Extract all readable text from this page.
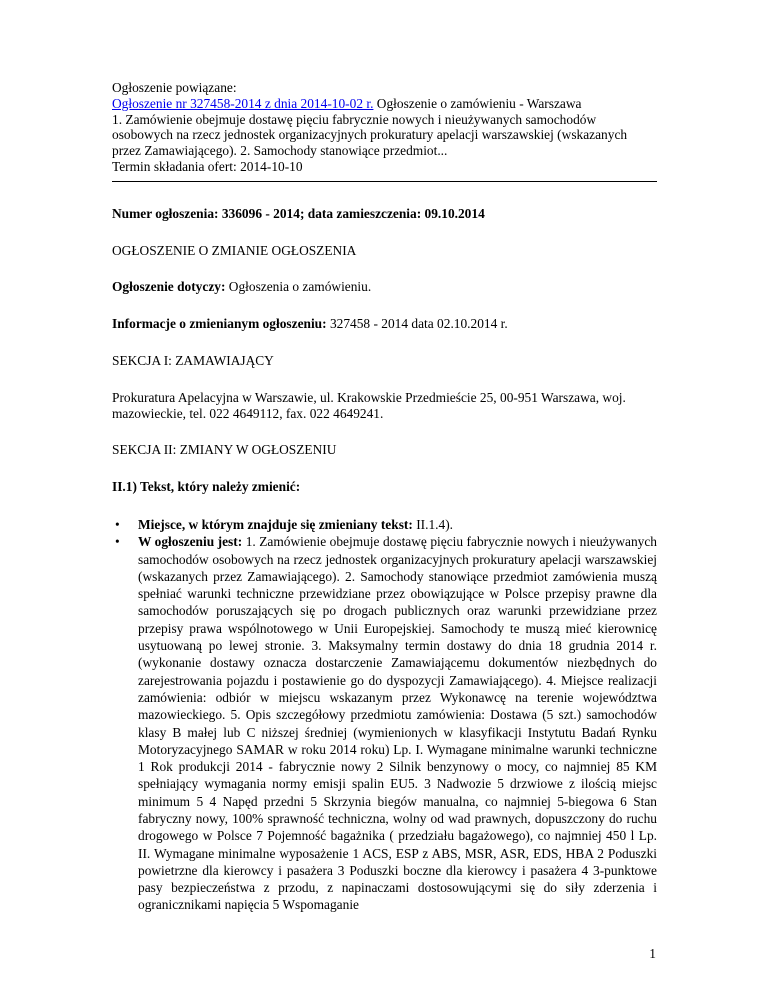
Ogłoszenie powiązane:

Ogłoszenie nr 327458-2014 z dnia 2014-10-02 r. Ogłoszenie o zamówieniu - Warszawa

1. Zamówienie obejmuje dostawę pięciu fabrycznie nowych i nieużywanych samochodów osobowych na rzecz jednostek organizacyjnych prokuratury apelacji warszawskiej (wskazanych przez Zamawiającego). 2. Samochody stanowiące przedmiot...

Termin składania ofert: 2014-10-10

Numer ogłoszenia: 336096 - 2014; data zamieszczenia: 09.10.2014

OGŁOSZENIE O ZMIANIE OGŁOSZENIA

Ogłoszenie dotyczy: Ogłoszenia o zamówieniu.

Informacje o zmienianym ogłoszeniu: 327458 - 2014 data 02.10.2014 r.

SEKCJA I: ZAMAWIAJĄCY

Prokuratura Apelacyjna w Warszawie, ul. Krakowskie Przedmieście 25, 00-951 Warszawa, woj. mazowieckie, tel. 022 4649112, fax. 022 4649241.

SEKCJA II: ZMIANY W OGŁOSZENIU

II.1) Tekst, który należy zmienić:

• Miejsce, w którym znajduje się zmieniany tekst: II.1.4).
• W ogłoszeniu jest: 1. Zamówienie obejmuje dostawę pięciu fabrycznie nowych i nieużywanych samochodów osobowych na rzecz jednostek organizacyjnych prokuratury apelacji warszawskiej (wskazanych przez Zamawiającego). 2. Samochody stanowiące przedmiot zamówienia muszą spełniać warunki techniczne przewidziane przez obowiązujące w Polsce przepisy prawne dla samochodów poruszających się po drogach publicznych oraz warunki przewidziane przez przepisy prawa wspólnotowego w Unii Europejskiej. Samochody te muszą mieć kierownicę usytuowaną po lewej stronie. 3. Maksymalny termin dostawy do dnia 18 grudnia 2014 r. (wykonanie dostawy oznacza dostarczenie Zamawiającemu dokumentów niezbędnych do zarejestrowania pojazdu i postawienie go do dyspozycji Zamawiającego). 4. Miejsce realizacji zamówienia: odbiór w miejscu wskazanym przez Wykonawcę na terenie województwa mazowieckiego. 5. Opis szczegółowy przedmiotu zamówienia: Dostawa (5 szt.) samochodów klasy B małej lub C niższej średniej (wymienionych w klasyfikacji Instytutu Badań Rynku Motoryzacyjnego SAMAR w roku 2014 roku) Lp. I. Wymagane minimalne warunki techniczne 1 Rok produkcji 2014 - fabrycznie nowy 2 Silnik benzynowy o mocy, co najmniej 85 KM spełniający wymagania normy emisji spalin EU5. 3 Nadwozie 5 drzwiowe z ilością miejsc minimum 5 4 Napęd przedni 5 Skrzynia biegów manualna, co najmniej 5-biegowa 6 Stan fabryczny nowy, 100% sprawność techniczna, wolny od wad prawnych, dopuszczony do ruchu drogowego w Polsce 7 Pojemność bagażnika ( przedziału bagażowego), co najmniej 450 l Lp. II. Wymagane minimalne wyposażenie 1 ACS, ESP z ABS, MSR, ASR, EDS, HBA 2 Poduszki powietrzne dla kierowcy i pasażera 3 Poduszki boczne dla kierowcy i pasażera 4 3-punktowe pasy bezpieczeństwa z przodu, z napinaczami dostosowującymi się do siły zderzenia i ogranicznikami napięcia 5 Wspomaganie
1
